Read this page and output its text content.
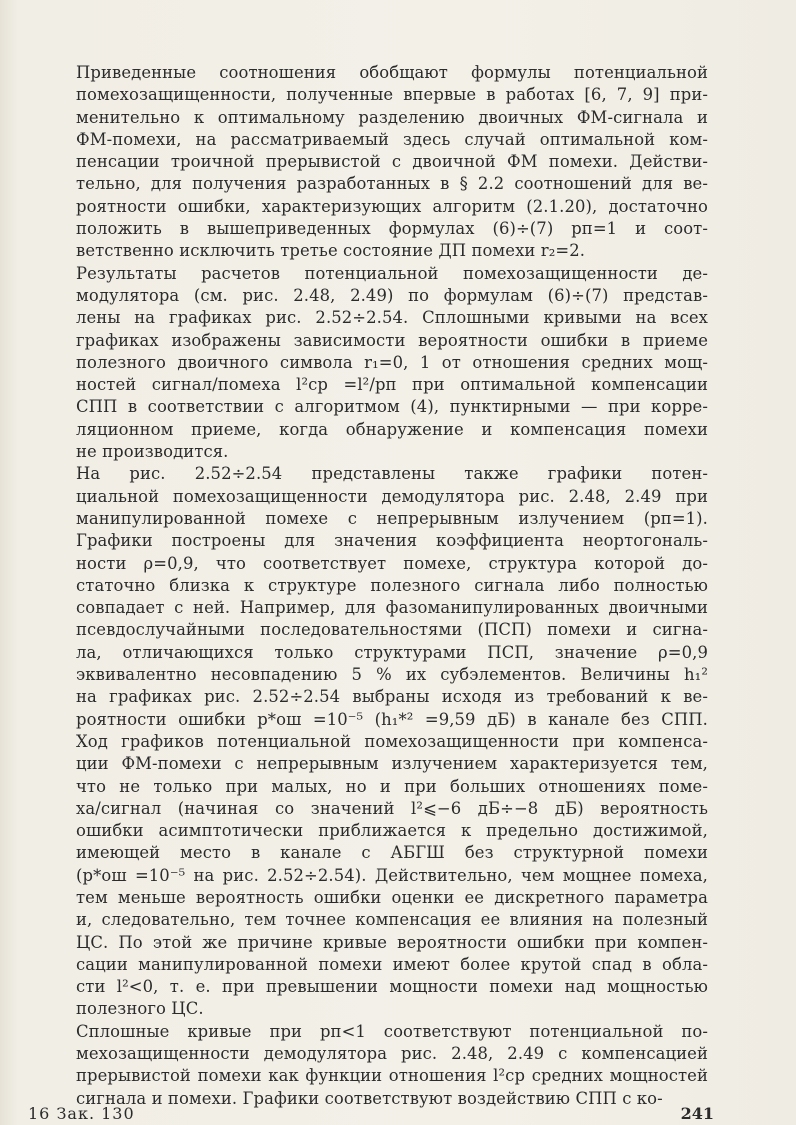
Приведенные соотношения обобщают формулы потенциальной
помехозащищенности, полученные впервые в работах [6, 7, 9] при-
менительно к оптимальному разделению двоичных ФМ-сигнала и
ФМ-помехи, на рассматриваемый здесь случай оптимальной ком-
пенсации троичной прерывистой с двоичной ФМ помехи. Действи-
тельно, для получения разработанных в § 2.2 соотношений для ве-
роятности ошибки, характеризующих алгоритм (2.1.20), достаточно
положить в вышеприведенных формулах (6)÷(7) pп=1 и соот-
ветственно исключить третье состояние ДП помехи r₂=2.

Результаты расчетов потенциальной помехозащищенности де-
модулятора (см. рис. 2.48, 2.49) по формулам (6)÷(7) представ-
лены на графиках рис. 2.52÷2.54. Сплошными кривыми на всех
графиках изображены зависимости вероятности ошибки в приеме
полезного двоичного символа r₁=0, 1 от отношения средних мощ-
ностей сигнал/помеха l²ср =l²/pп при оптимальной компенсации
СПП в соответствии с алгоритмом (4), пунктирными — при корре-
ляционном приеме, когда обнаружение и компенсация помехи
не производится.

На рис. 2.52÷2.54 представлены также графики потен-
циальной помехозащищенности демодулятора рис. 2.48, 2.49 при
манипулированной помехе с непрерывным излучением (pп=1).
Графики построены для значения коэффициента неортогональ-
ности ρ=0,9, что соответствует помехе, структура которой до-
статочно близка к структуре полезного сигнала либо полностью
совпадает с ней. Например, для фазоманипулированных двоичными
псевдослучайными последовательностями (ПСП) помехи и сигна-
ла, отличающихся только структурами ПСП, значение ρ=0,9
эквивалентно несовпадению 5 % их субэлементов. Величины h₁²
на графиках рис. 2.52÷2.54 выбраны исходя из требований к ве-
роятности ошибки p*ош =10⁻⁵ (h₁*² =9,59 дБ) в канале без СПП.
Ход графиков потенциальной помехозащищенности при компенса-
ции ФМ-помехи с непрерывным излучением характеризуется тем,
что не только при малых, но и при больших отношениях поме-
ха/сигнал (начиная со значений l²⩽−6 дБ÷−8 дБ) вероятность
ошибки асимптотически приближается к предельно достижимой,
имеющей место в канале с АБГШ без структурной помехи
(p*ош =10⁻⁵ на рис. 2.52÷2.54). Действительно, чем мощнее помеха,
тем меньше вероятность ошибки оценки ее дискретного параметра
и, следовательно, тем точнее компенсация ее влияния на полезный
ЦС. По этой же причине кривые вероятности ошибки при компен-
сации манипулированной помехи имеют более крутой спад в обла-
сти l²<0, т. е. при превышении мощности помехи над мощностью
полезного ЦС.

Сплошные кривые при pп<1 соответствуют потенциальной по-
мехозащищенности демодулятора рис. 2.48, 2.49 с компенсацией
прерывистой помехи как функции отношения l²ср средних мощностей
сигнала и помехи. Графики соответствуют воздействию СПП с ко-

16 Зак. 130	241
